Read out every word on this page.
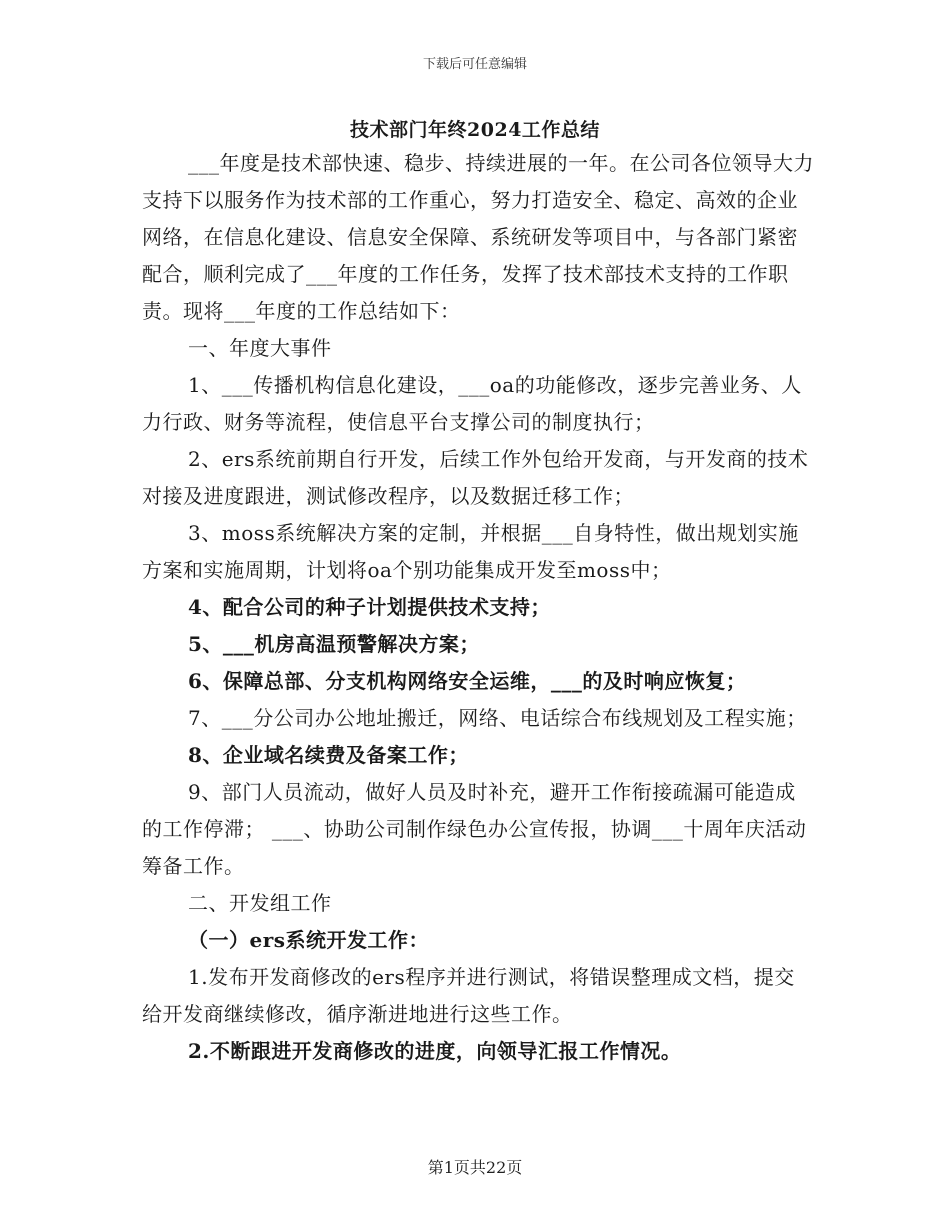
下载后可任意编辑
技术部门年终2024工作总结

___年度是技术部快速、稳步、持续进展的一年。在公司各位领导大力支持下以服务作为技术部的工作重心，努力打造安全、稳定、高效的企业网络，在信息化建设、信息安全保障、系统研发等项目中，与各部门紧密配合，顺利完成了___年度的工作任务，发挥了技术部技术支持的工作职责。现将___年度的工作总结如下：

一、年度大事件

1、___传播机构信息化建设，___oa的功能修改，逐步完善业务、人力行政、财务等流程，使信息平台支撑公司的制度执行；

2、ers系统前期自行开发，后续工作外包给开发商，与开发商的技术对接及进度跟进，测试修改程序，以及数据迁移工作；

3、moss系统解决方案的定制，并根据___自身特性，做出规划实施方案和实施周期，计划将oa个别功能集成开发至moss中；

4、配合公司的种子计划提供技术支持；

5、___机房高温预警解决方案；

6、保障总部、分支机构网络安全运维，___的及时响应恢复；

7、___分公司办公地址搬迁，网络、电话综合布线规划及工程实施；

8、企业域名续费及备案工作；

9、部门人员流动，做好人员及时补充，避开工作衔接疏漏可能造成的工作停滞； ___、协助公司制作绿色办公宣传报，协调___十周年庆活动筹备工作。

二、开发组工作

（一）ers系统开发工作：

1.发布开发商修改的ers程序并进行测试，将错误整理成文档，提交给开发商继续修改，循序渐进地进行这些工作。

2.不断跟进开发商修改的进度，向领导汇报工作情况。

第1页共22页
